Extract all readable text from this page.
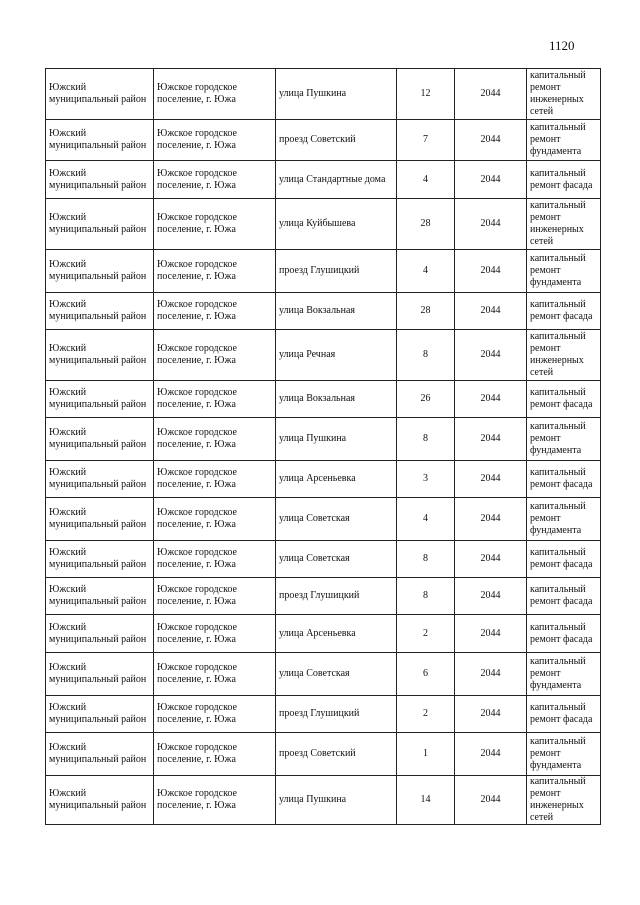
1120
Южский муниципальный район	Южское городское поселение, г. Южа	улица Пушкина	12	2044	капитальный ремонт инженерных сетей
Южский муниципальный район	Южское городское поселение, г. Южа	проезд Советский	7	2044	капитальный ремонт фундамента
Южский муниципальный район	Южское городское поселение, г. Южа	улица Стандартные дома	4	2044	капитальный ремонт фасада
Южский муниципальный район	Южское городское поселение, г. Южа	улица Куйбышева	28	2044	капитальный ремонт инженерных сетей
Южский муниципальный район	Южское городское поселение, г. Южа	проезд Глушицкий	4	2044	капитальный ремонт фундамента
Южский муниципальный район	Южское городское поселение, г. Южа	улица Вокзальная	28	2044	капитальный ремонт фасада
Южский муниципальный район	Южское городское поселение, г. Южа	улица Речная	8	2044	капитальный ремонт инженерных сетей
Южский муниципальный район	Южское городское поселение, г. Южа	улица Вокзальная	26	2044	капитальный ремонт фасада
Южский муниципальный район	Южское городское поселение, г. Южа	улица Пушкина	8	2044	капитальный ремонт фундамента
Южский муниципальный район	Южское городское поселение, г. Южа	улица Арсеньевка	3	2044	капитальный ремонт фасада
Южский муниципальный район	Южское городское поселение, г. Южа	улица Советская	4	2044	капитальный ремонт фундамента
Южский муниципальный район	Южское городское поселение, г. Южа	улица Советская	8	2044	капитальный ремонт фасада
Южский муниципальный район	Южское городское поселение, г. Южа	проезд Глушицкий	8	2044	капитальный ремонт фасада
Южский муниципальный район	Южское городское поселение, г. Южа	улица Арсеньевка	2	2044	капитальный ремонт фасада
Южский муниципальный район	Южское городское поселение, г. Южа	улица Советская	6	2044	капитальный ремонт фундамента
Южский муниципальный район	Южское городское поселение, г. Южа	проезд Глушицкий	2	2044	капитальный ремонт фасада
Южский муниципальный район	Южское городское поселение, г. Южа	проезд Советский	1	2044	капитальный ремонт фундамента
Южский муниципальный район	Южское городское поселение, г. Южа	улица Пушкина	14	2044	капитальный ремонт инженерных сетей
